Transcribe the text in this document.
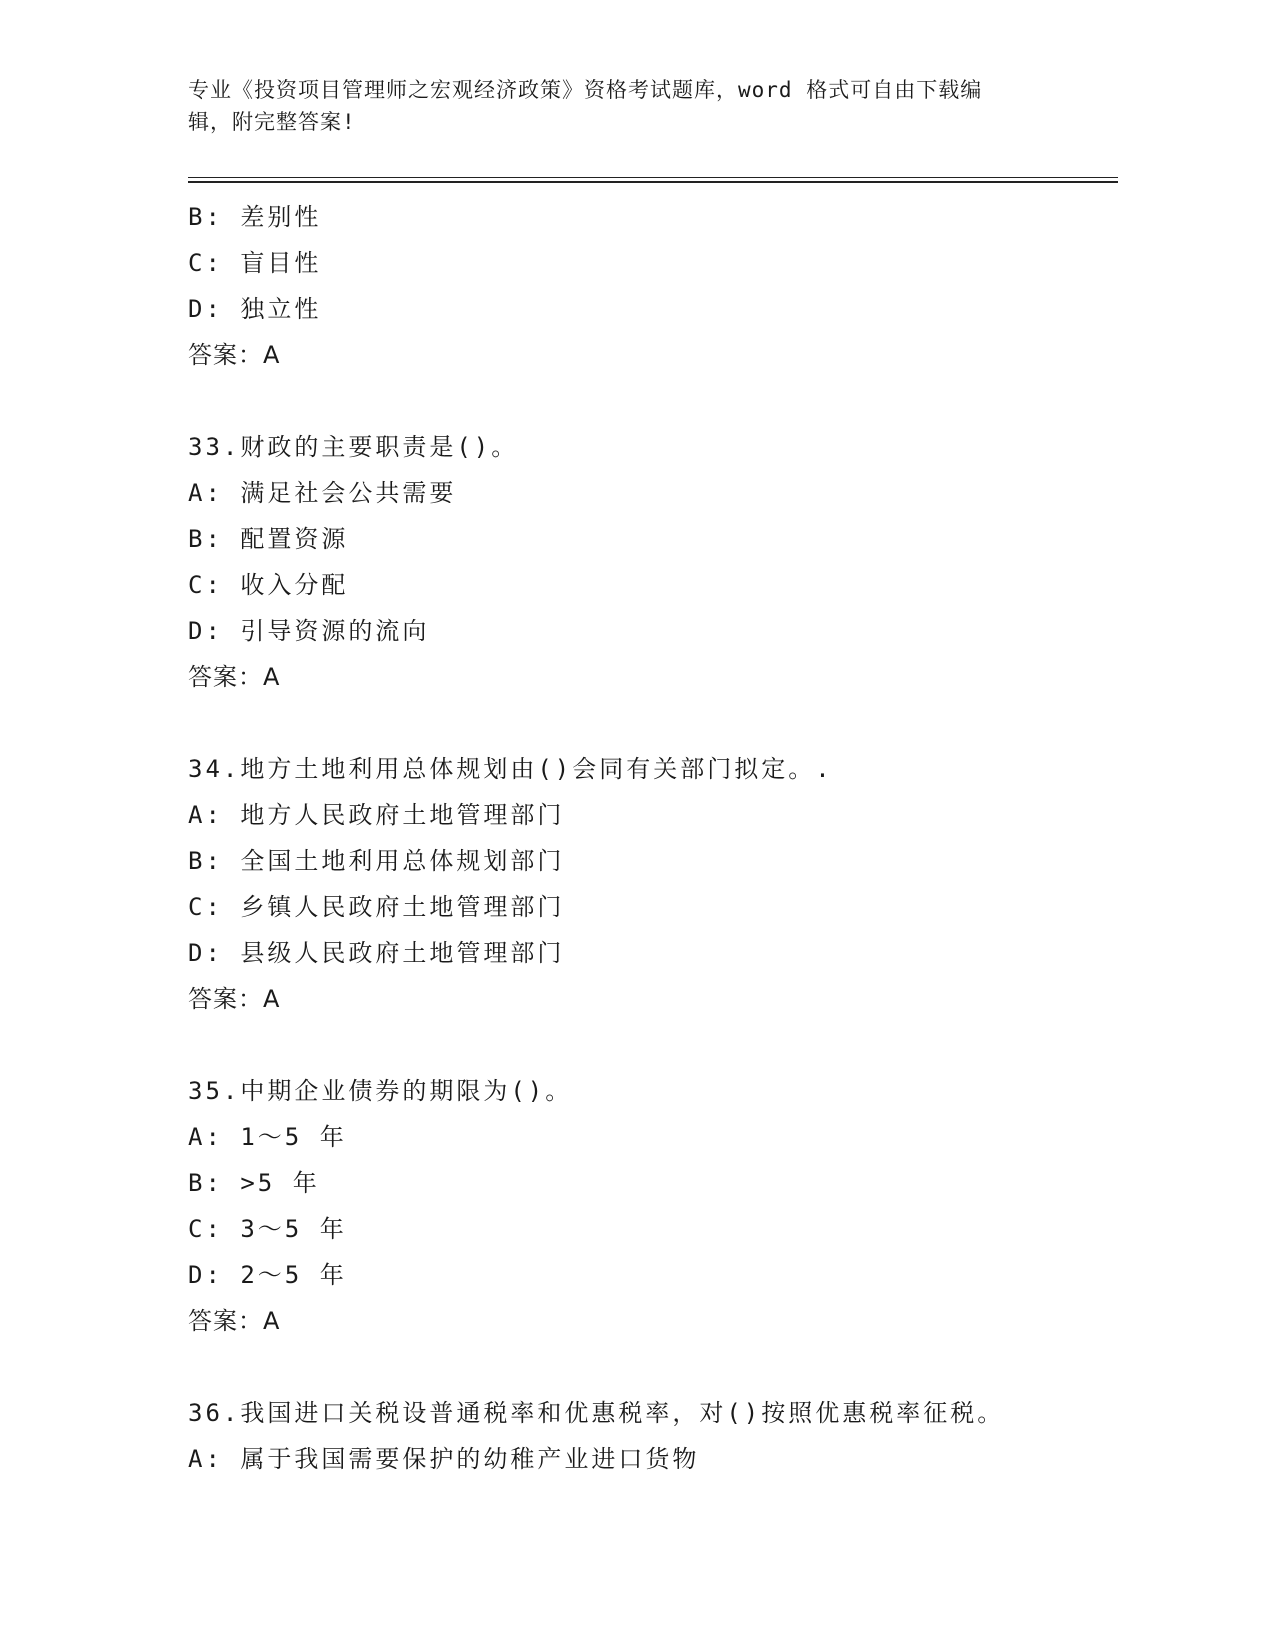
专业《投资项目管理师之宏观经济政策》资格考试题库，word 格式可自由下载编
辑，附完整答案!
B: 差别性
C: 盲目性
D: 独立性
答案：A
33.财政的主要职责是()。
A: 满足社会公共需要
B: 配置资源
C: 收入分配
D: 引导资源的流向
答案：A
34.地方土地利用总体规划由()会同有关部门拟定。.
A: 地方人民政府土地管理部门
B: 全国土地利用总体规划部门
C: 乡镇人民政府土地管理部门
D: 县级人民政府土地管理部门
答案：A
35.中期企业债券的期限为()。
A: 1～5 年
B: >5 年
C: 3～5 年
D: 2～5 年
答案：A
36.我国进口关税设普通税率和优惠税率，对()按照优惠税率征税。
A: 属于我国需要保护的幼稚产业进口货物
